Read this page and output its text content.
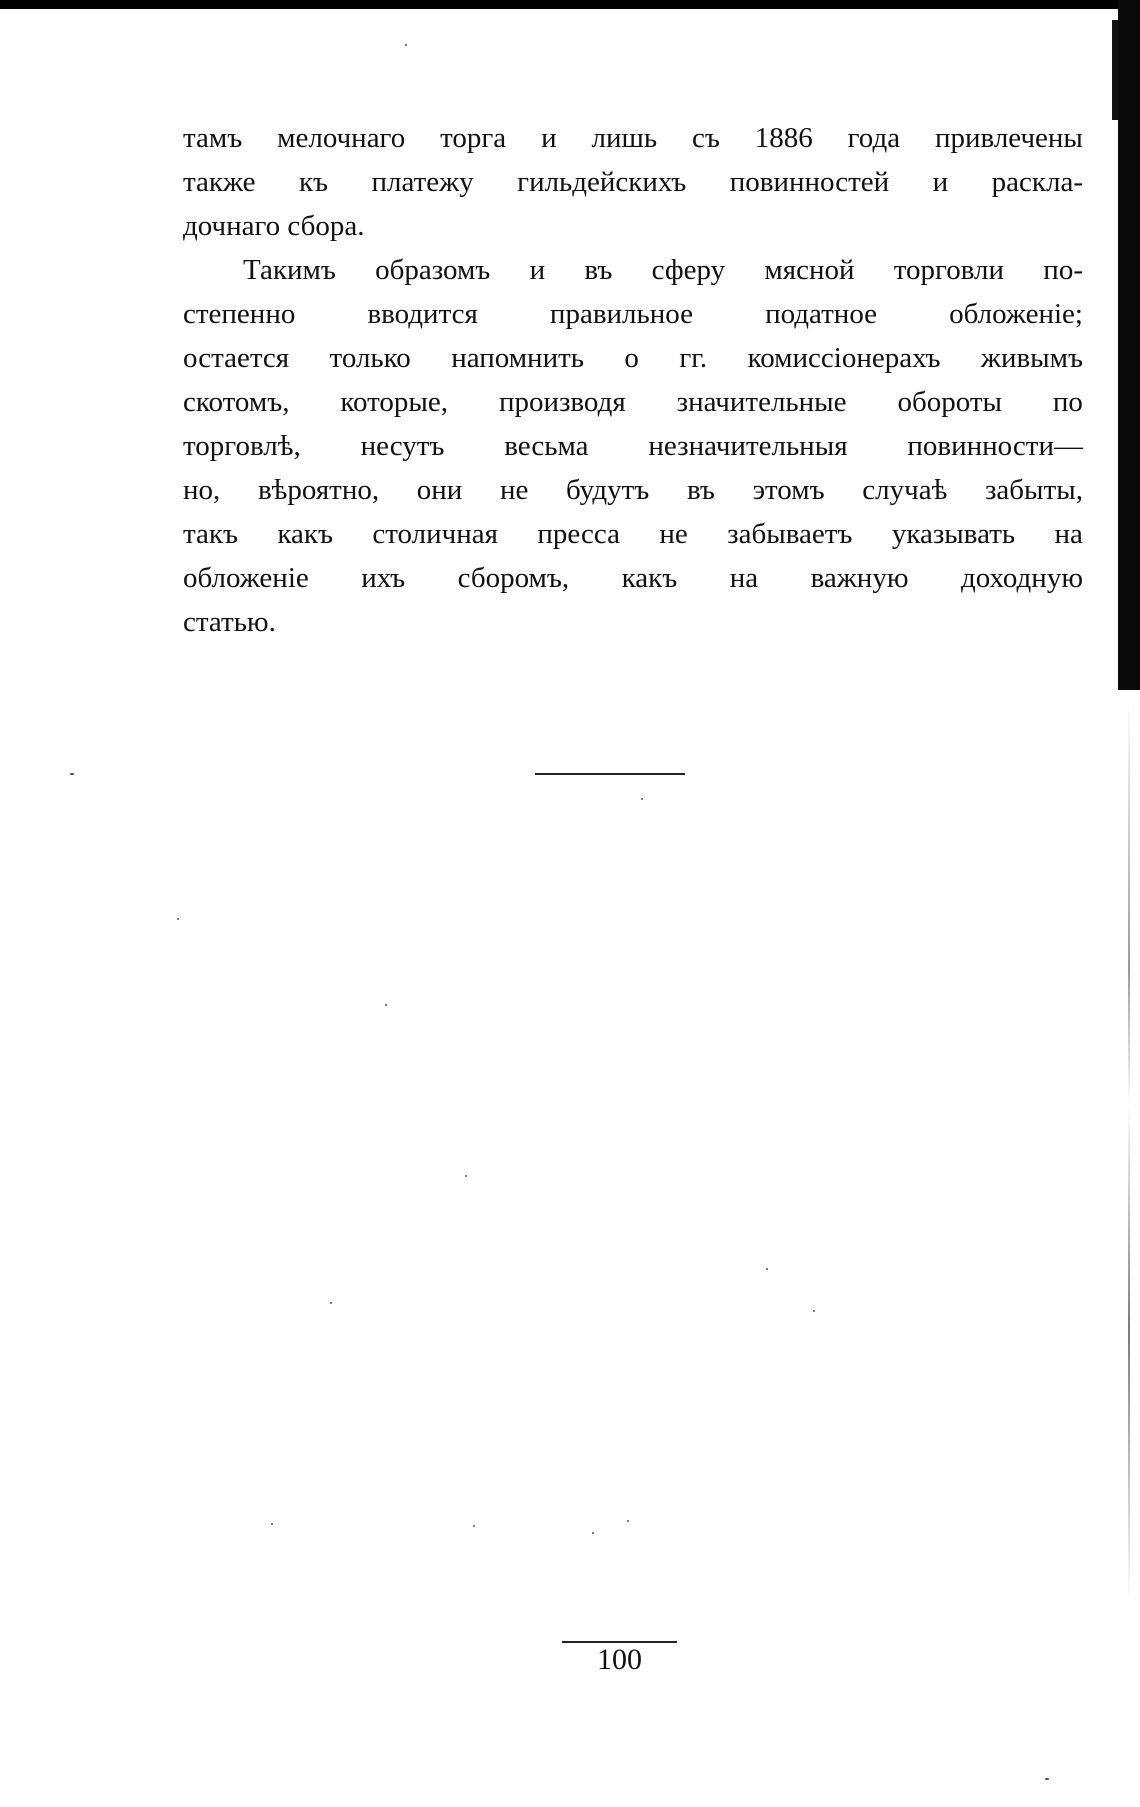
тамъ мелочнаго торга и лишь съ 1886 года привлечены
также къ платежу гильдейскихъ повинностей и раскла-
дочнаго сбора.
Такимъ образомъ и въ сферу мясной торговли по-
степенно вводится правильное податное обложенiе;
остается только напомнить о гг. комиссiонерахъ живымъ
скотомъ, которые, производя значительные обороты по
торговлѣ, несутъ весьма незначительныя повинности—
но, вѣроятно, они не будутъ въ этомъ случаѣ забыты,
такъ какъ столичная пресса не забываетъ указывать на
обложенiе ихъ сборомъ, какъ на важную доходную
статью.
100
